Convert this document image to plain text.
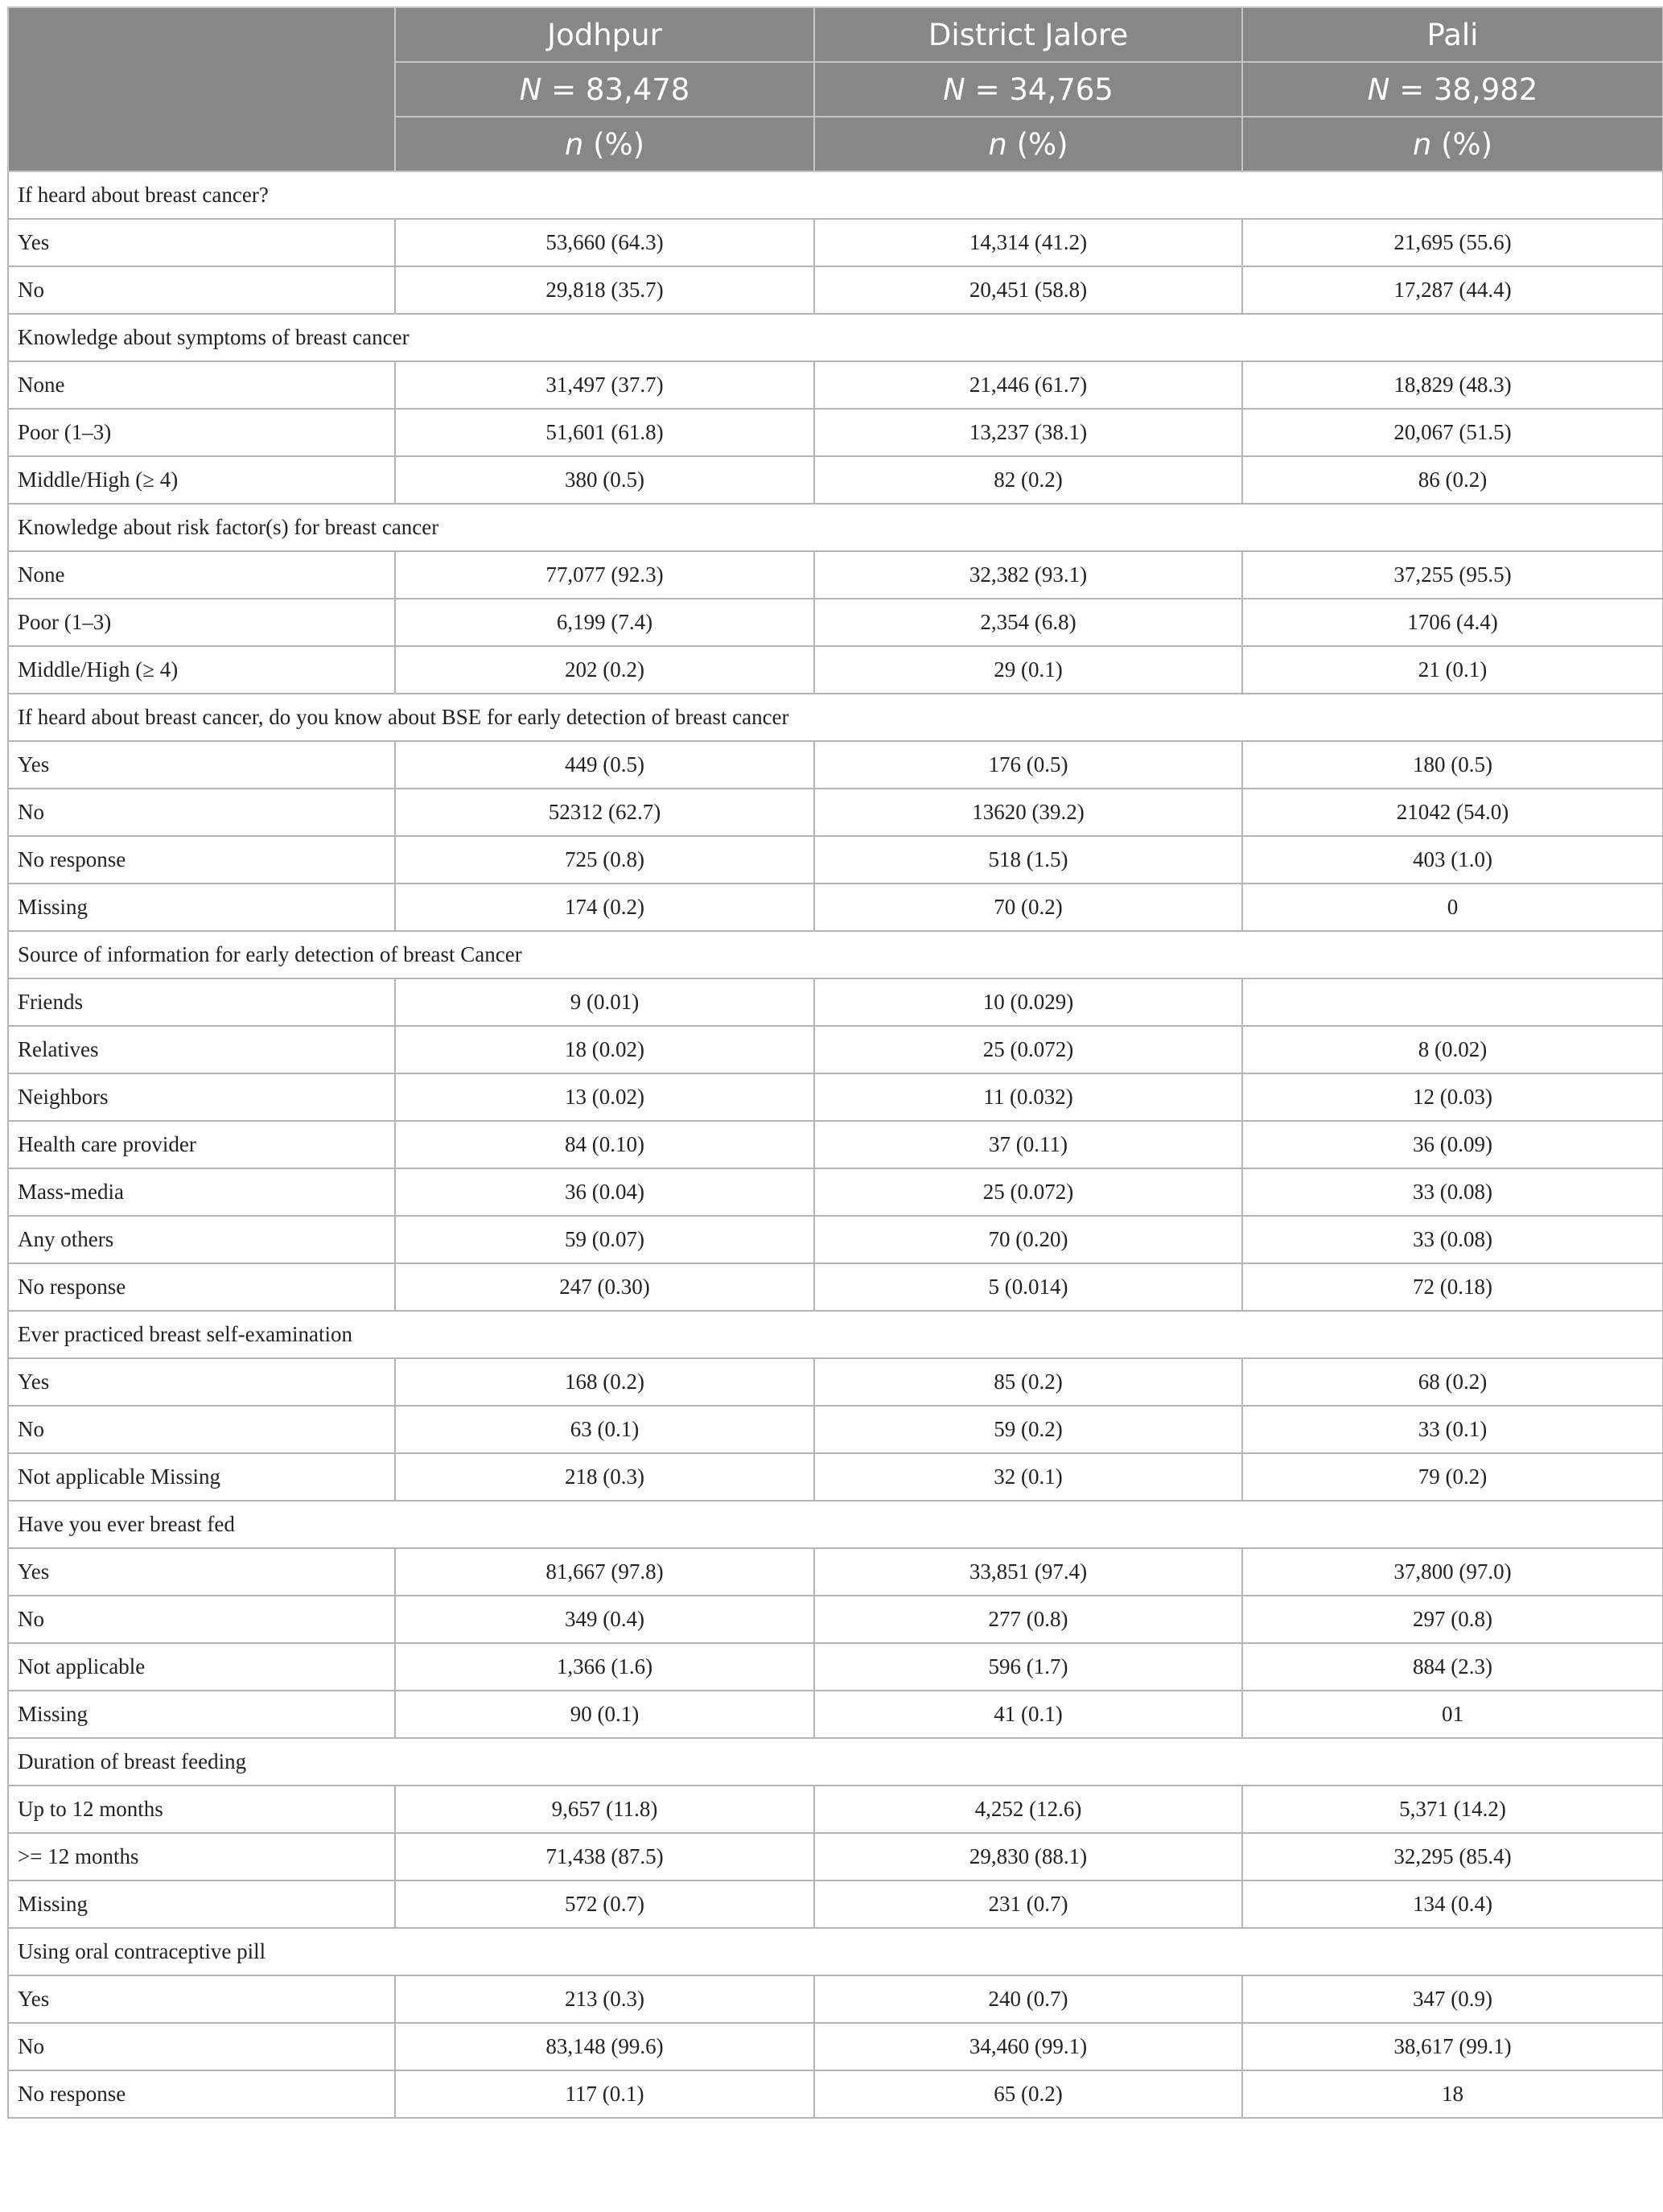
	Jodhpur	District Jalore	Pali
	N = 83,478	N = 34,765	N = 38,982
	n (%)	n (%)	n (%)
If heard about breast cancer?			
Yes	53,660 (64.3)	14,314 (41.2)	21,695 (55.6)
No	29,818 (35.7)	20,451 (58.8)	17,287 (44.4)
Knowledge about symptoms of breast cancer			
None	31,497 (37.7)	21,446 (61.7)	18,829 (48.3)
Poor (1–3)	51,601 (61.8)	13,237 (38.1)	20,067 (51.5)
Middle/High (≥ 4)	380 (0.5)	82 (0.2)	86 (0.2)
Knowledge about risk factor(s) for breast cancer			
None	77,077 (92.3)	32,382 (93.1)	37,255 (95.5)
Poor (1–3)	6,199 (7.4)	2,354 (6.8)	1706 (4.4)
Middle/High (≥ 4)	202 (0.2)	29 (0.1)	21 (0.1)
If heard about breast cancer, do you know about BSE for early detection of breast cancer			
Yes	449 (0.5)	176 (0.5)	180 (0.5)
No	52312 (62.7)	13620 (39.2)	21042 (54.0)
No response	725 (0.8)	518 (1.5)	403 (1.0)
Missing	174 (0.2)	70 (0.2)	0
Source of information for early detection of breast Cancer			
Friends	9 (0.01)	10 (0.029)	
Relatives	18 (0.02)	25 (0.072)	8 (0.02)
Neighbors	13 (0.02)	11 (0.032)	12 (0.03)
Health care provider	84 (0.10)	37 (0.11)	36 (0.09)
Mass-media	36 (0.04)	25 (0.072)	33 (0.08)
Any others	59 (0.07)	70 (0.20)	33 (0.08)
No response	247 (0.30)	5 (0.014)	72 (0.18)
Ever practiced breast self-examination			
Yes	168 (0.2)	85 (0.2)	68 (0.2)
No	63 (0.1)	59 (0.2)	33 (0.1)
Not applicable Missing	218 (0.3)	32 (0.1)	79 (0.2)
Have you ever breast fed			
Yes	81,667 (97.8)	33,851 (97.4)	37,800 (97.0)
No	349 (0.4)	277 (0.8)	297 (0.8)
Not applicable	1,366 (1.6)	596 (1.7)	884 (2.3)
Missing	90 (0.1)	41 (0.1)	01
Duration of breast feeding			
Up to 12 months	9,657 (11.8)	4,252 (12.6)	5,371 (14.2)
>= 12 months	71,438 (87.5)	29,830 (88.1)	32,295 (85.4)
Missing	572 (0.7)	231 (0.7)	134 (0.4)
Using oral contraceptive pill			
Yes	213 (0.3)	240 (0.7)	347 (0.9)
No	83,148 (99.6)	34,460 (99.1)	38,617 (99.1)
No response	117 (0.1)	65 (0.2)	18
